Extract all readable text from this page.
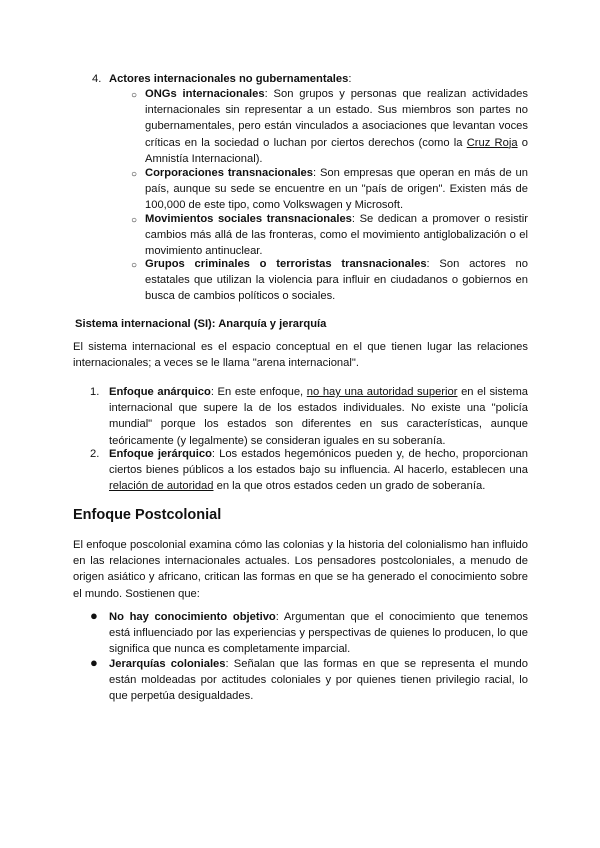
4. Actores internacionales no gubernamentales:
○ ONGs internacionales: Son grupos y personas que realizan actividades internacionales sin representar a un estado. Sus miembros son partes no gubernamentales, pero están vinculados a asociaciones que levantan voces críticas en la sociedad o luchan por ciertos derechos (como la Cruz Roja o Amnistía Internacional).
○ Corporaciones transnacionales: Son empresas que operan en más de un país, aunque su sede se encuentre en un "país de origen". Existen más de 100,000 de este tipo, como Volkswagen y Microsoft.
○ Movimientos sociales transnacionales: Se dedican a promover o resistir cambios más allá de las fronteras, como el movimiento antiglobalización o el movimiento antinuclear.
○ Grupos criminales o terroristas transnacionales: Son actores no estatales que utilizan la violencia para influir en ciudadanos o gobiernos en busca de cambios políticos o sociales.
Sistema internacional (SI): Anarquía y jerarquía
El sistema internacional es el espacio conceptual en el que tienen lugar las relaciones internacionales; a veces se le llama "arena internacional".
1. Enfoque anárquico: En este enfoque, no hay una autoridad superior en el sistema internacional que supere la de los estados individuales. No existe una "policía mundial" porque los estados son diferentes en sus características, aunque teóricamente (y legalmente) se consideran iguales en su soberanía.
2. Enfoque jerárquico: Los estados hegemónicos pueden y, de hecho, proporcionan ciertos bienes públicos a los estados bajo su influencia. Al hacerlo, establecen una relación de autoridad en la que otros estados ceden un grado de soberanía.
Enfoque Postcolonial
El enfoque poscolonial examina cómo las colonias y la historia del colonialismo han influido en las relaciones internacionales actuales. Los pensadores postcoloniales, a menudo de origen asiático y africano, critican las formas en que se ha generado el conocimiento sobre el mundo. Sostienen que:
● No hay conocimiento objetivo: Argumentan que el conocimiento que tenemos está influenciado por las experiencias y perspectivas de quienes lo producen, lo que significa que nunca es completamente imparcial.
● Jerarquías coloniales: Señalan que las formas en que se representa el mundo están moldeadas por actitudes coloniales y por quienes tienen privilegio racial, lo que perpetúa desigualdades.
